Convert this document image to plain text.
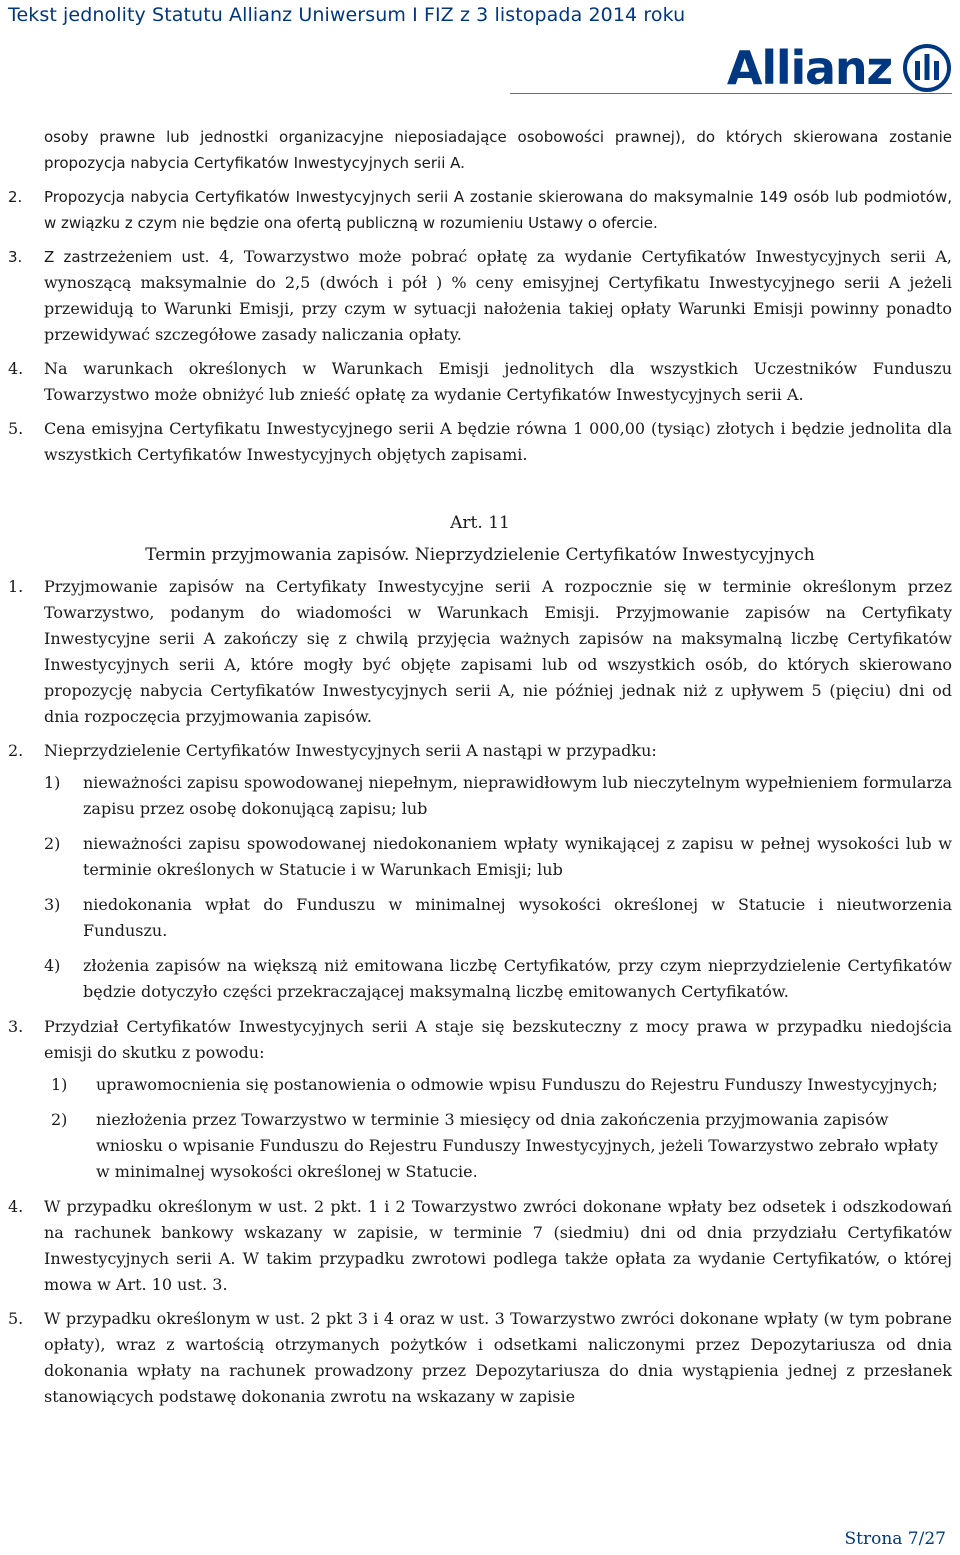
Tekst jednolity Statutu Allianz Uniwersum I FIZ z 3 listopada 2014 roku
Allianz

osoby prawne lub jednostki organizacyjne nieposiadające osobowości prawnej), do których skierowana zostanie propozycja nabycia Certyfikatów Inwestycyjnych serii A.

2. Propozycja nabycia Certyfikatów Inwestycyjnych serii A zostanie skierowana do maksymalnie 149 osób lub podmiotów, w związku z czym nie będzie ona ofertą publiczną w rozumieniu Ustawy o ofercie.

3. Z zastrzeżeniem ust. 4, Towarzystwo może pobrać opłatę za wydanie Certyfikatów Inwestycyjnych serii A, wynoszącą maksymalnie do 2,5 (dwóch i pół ) % ceny emisyjnej Certyfikatu Inwestycyjnego serii A jeżeli przewidują to Warunki Emisji, przy czym w sytuacji nałożenia takiej opłaty Warunki Emisji powinny ponadto przewidywać szczegółowe zasady naliczania opłaty.

4. Na warunkach określonych w Warunkach Emisji jednolitych dla wszystkich Uczestników Funduszu Towarzystwo może obniżyć lub znieść opłatę za wydanie Certyfikatów Inwestycyjnych serii A.

5. Cena emisyjna Certyfikatu Inwestycyjnego serii A będzie równa 1 000,00 (tysiąc) złotych i będzie jednolita dla wszystkich Certyfikatów Inwestycyjnych objętych zapisami.

Art. 11

Termin przyjmowania zapisów. Nieprzydzielenie Certyfikatów Inwestycyjnych

1. Przyjmowanie zapisów na Certyfikaty Inwestycyjne serii A rozpocznie się w terminie określonym przez Towarzystwo, podanym do wiadomości w Warunkach Emisji. Przyjmowanie zapisów na Certyfikaty Inwestycyjne serii A zakończy się z chwilą przyjęcia ważnych zapisów na maksymalną liczbę Certyfikatów Inwestycyjnych serii A, które mogły być objęte zapisami lub od wszystkich osób, do których skierowano propozycję nabycia Certyfikatów Inwestycyjnych serii A, nie później jednak niż z upływem 5 (pięciu) dni od dnia rozpoczęcia przyjmowania zapisów.

2. Nieprzydzielenie Certyfikatów Inwestycyjnych serii A nastąpi w przypadku:

1) nieważności zapisu spowodowanej niepełnym, nieprawidłowym lub nieczytelnym wypełnieniem formularza zapisu przez osobę dokonującą zapisu; lub

2) nieważności zapisu spowodowanej niedokonaniem wpłaty wynikającej z zapisu w pełnej wysokości lub w terminie określonych w Statucie i w Warunkach Emisji; lub

3) niedokonania wpłat do Funduszu w minimalnej wysokości określonej w Statucie i nieutworzenia Funduszu.

4) złożenia zapisów na większą niż emitowana liczbę Certyfikatów, przy czym nieprzydzielenie Certyfikatów będzie dotyczyło części przekraczającej maksymalną liczbę emitowanych Certyfikatów.

3. Przydział Certyfikatów Inwestycyjnych serii A staje się bezskuteczny z mocy prawa w przypadku niedojścia emisji do skutku z powodu:

1) uprawomocnienia się postanowienia o odmowie wpisu Funduszu do Rejestru Funduszy Inwestycyjnych;

2) niezłożenia przez Towarzystwo w terminie 3 miesięcy od dnia zakończenia przyjmowania zapisów wniosku o wpisanie Funduszu do Rejestru Funduszy Inwestycyjnych, jeżeli Towarzystwo zebrało wpłaty w minimalnej wysokości określonej w Statucie.

4. W przypadku określonym w ust. 2 pkt. 1 i 2 Towarzystwo zwróci dokonane wpłaty bez odsetek i odszkodowań na rachunek bankowy wskazany w zapisie, w terminie 7 (siedmiu) dni od dnia przydziału Certyfikatów Inwestycyjnych serii A. W takim przypadku zwrotowi podlega także opłata za wydanie Certyfikatów, o której mowa w Art. 10 ust. 3.

5. W przypadku określonym w ust. 2 pkt 3 i 4 oraz w ust. 3 Towarzystwo zwróci dokonane wpłaty (w tym pobrane opłaty), wraz z wartością otrzymanych pożytków i odsetkami naliczonymi przez Depozytariusza od dnia dokonania wpłaty na rachunek prowadzony przez Depozytariusza do dnia wystąpienia jednej z przesłanek stanowiących podstawę dokonania zwrotu na wskazany w zapisie

Strona 7/27
